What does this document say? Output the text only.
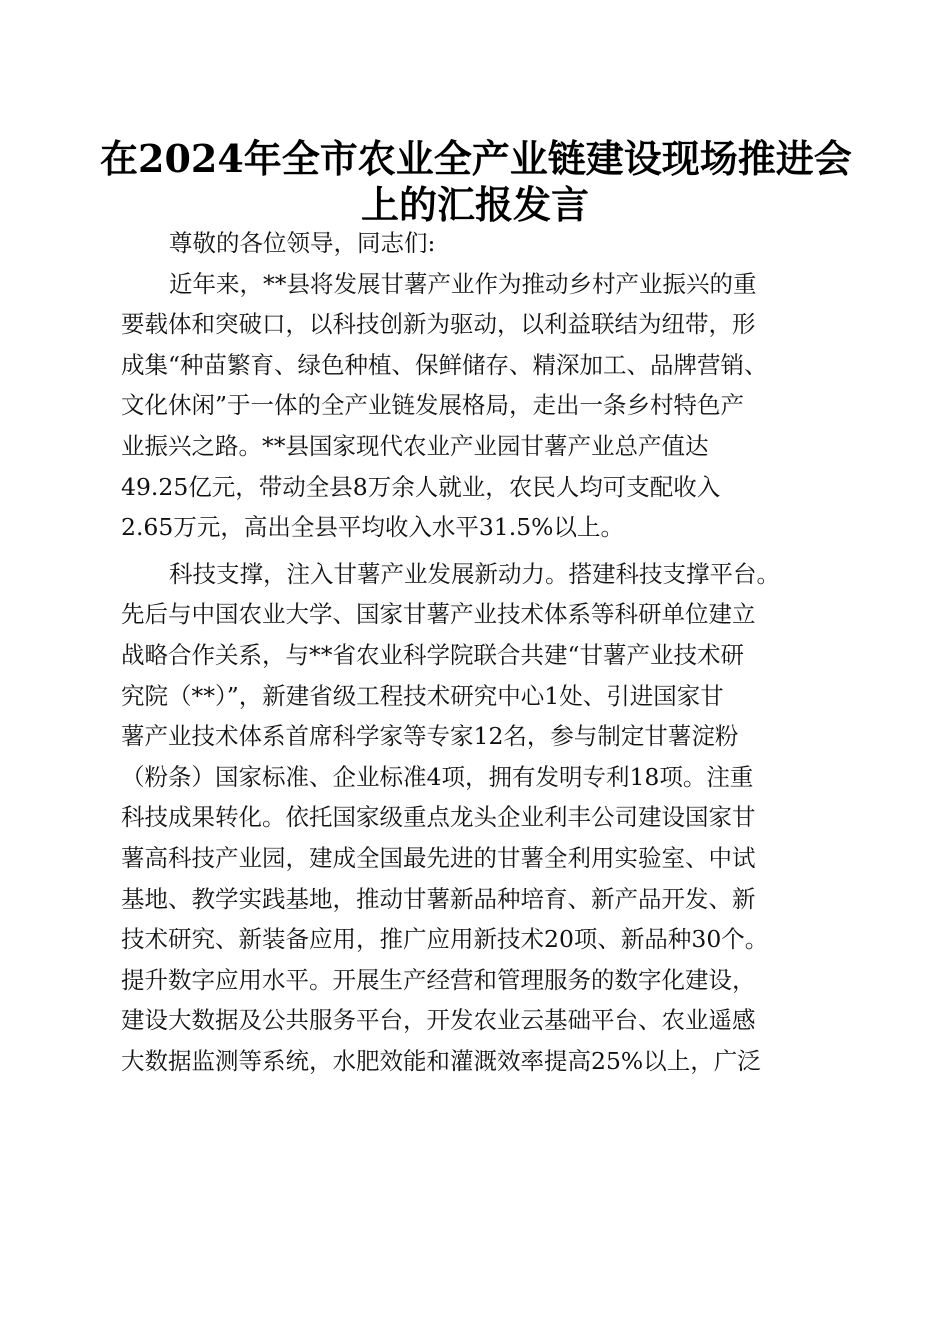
在2024年全市农业全产业链建设现场推进会
上的汇报发言
尊敬的各位领导，同志们:
近年来，**县将发展甘薯产业作为推动乡村产业振兴的重
要载体和突破口，以科技创新为驱动，以利益联结为纽带，形
成集“种苗繁育、绿色种植、保鲜储存、精深加工、品牌营销、
文化休闲”于一体的全产业链发展格局，走出一条乡村特色产
业振兴之路。**县国家现代农业产业园甘薯产业总产值达
49.25亿元，带动全县8万余人就业，农民人均可支配收入
2.65万元，高出全县平均收入水平31.5%以上。
科技支撑，注入甘薯产业发展新动力。搭建科技支撑平台。
先后与中国农业大学、国家甘薯产业技术体系等科研单位建立
战略合作关系，与**省农业科学院联合共建“甘薯产业技术研
究院（**）”，新建省级工程技术研究中心1处、引进国家甘
薯产业技术体系首席科学家等专家12名，参与制定甘薯淀粉
（粉条）国家标准、企业标准4项，拥有发明专利18项。注重
科技成果转化。依托国家级重点龙头企业利丰公司建设国家甘
薯高科技产业园，建成全国最先进的甘薯全利用实验室、中试
基地、教学实践基地，推动甘薯新品种培育、新产品开发、新
技术研究、新装备应用，推广应用新技术20项、新品种30个。
提升数字应用水平。开展生产经营和管理服务的数字化建设，
建设大数据及公共服务平台，开发农业云基础平台、农业遥感
大数据监测等系统，水肥效能和灌溉效率提高25%以上，广泛
